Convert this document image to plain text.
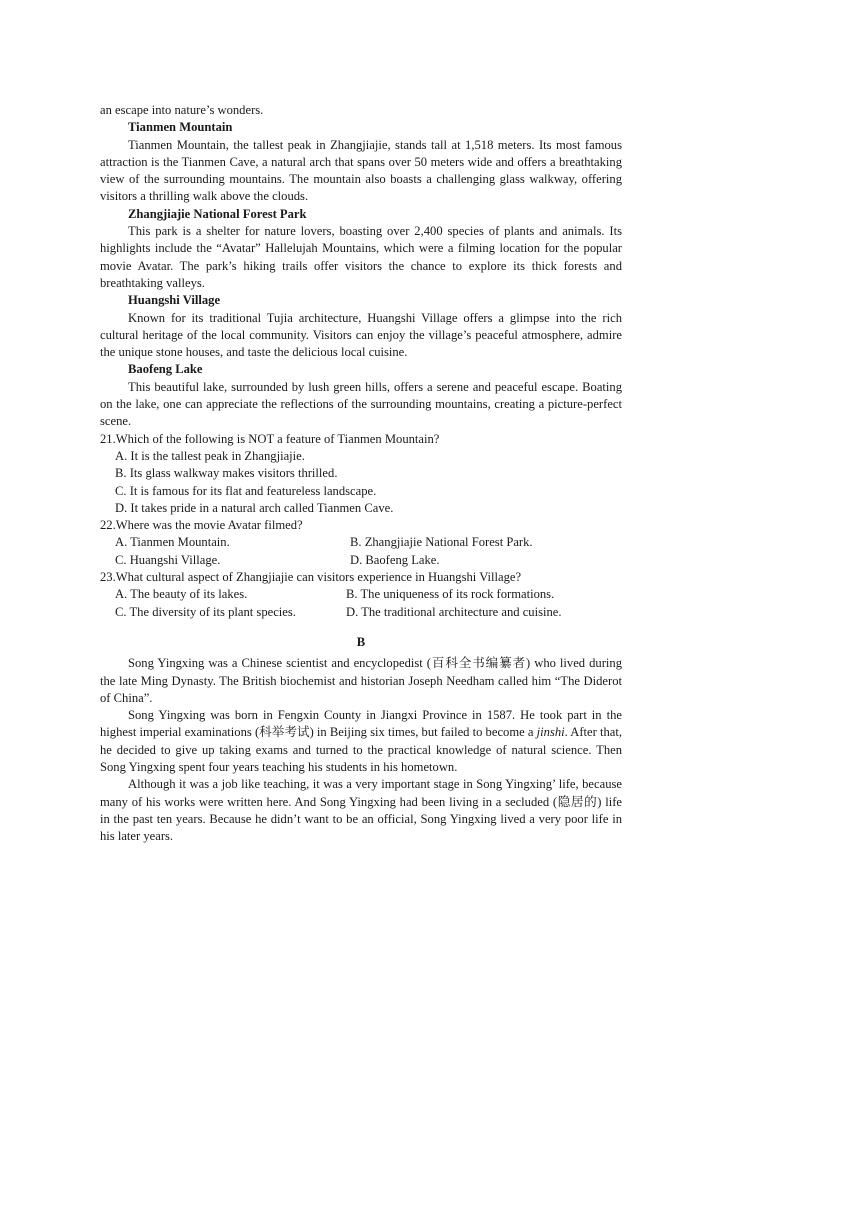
an escape into nature’s wonders.

Tianmen Mountain

Tianmen Mountain, the tallest peak in Zhangjiajie, stands tall at 1,518 meters. Its most famous attraction is the Tianmen Cave, a natural arch that spans over 50 meters wide and offers a breathtaking view of the surrounding mountains. The mountain also boasts a challenging glass walkway, offering visitors a thrilling walk above the clouds.

Zhangjiajie National Forest Park

This park is a shelter for nature lovers, boasting over 2,400 species of plants and animals. Its highlights include the “Avatar” Hallelujah Mountains, which were a filming location for the popular movie Avatar. The park’s hiking trails offer visitors the chance to explore its thick forests and breathtaking valleys.

Huangshi Village

Known for its traditional Tujia architecture, Huangshi Village offers a glimpse into the rich cultural heritage of the local community. Visitors can enjoy the village’s peaceful atmosphere, admire the unique stone houses, and taste the delicious local cuisine.

Baofeng Lake

This beautiful lake, surrounded by lush green hills, offers a serene and peaceful escape. Boating on the lake, one can appreciate the reflections of the surrounding mountains, creating a picture-perfect scene.

21.Which of the following is NOT a feature of Tianmen Mountain?

A. It is the tallest peak in Zhangjiajie.

B. Its glass walkway makes visitors thrilled.

C. It is famous for its flat and featureless landscape.

D. It takes pride in a natural arch called Tianmen Cave.

22.Where was the movie Avatar filmed?

A. Tianmen Mountain.	B. Zhangjiajie National Forest Park.
C. Huangshi Village.	D. Baofeng Lake.

23.What cultural aspect of Zhangjiajie can visitors experience in Huangshi Village?

A. The beauty of its lakes.	B. The uniqueness of its rock formations.
C. The diversity of its plant species.	D. The traditional architecture and cuisine.

B

Song Yingxing was a Chinese scientist and encyclopedist (百科全书编纂者) who lived during the late Ming Dynasty. The British biochemist and historian Joseph Needham called him “The Diderot of China”.

Song Yingxing was born in Fengxin County in Jiangxi Province in 1587. He took part in the highest imperial examinations (科举考试) in Beijing six times, but failed to become a jinshi. After that, he decided to give up taking exams and turned to the practical knowledge of natural science. Then Song Yingxing spent four years teaching his students in his hometown.

Although it was a job like teaching, it was a very important stage in Song Yingxing’ life, because many of his works were written here. And Song Yingxing had been living in a secluded (隐居的) life in the past ten years. Because he didn’t want to be an official, Song Yingxing lived a very poor life in his later years.
